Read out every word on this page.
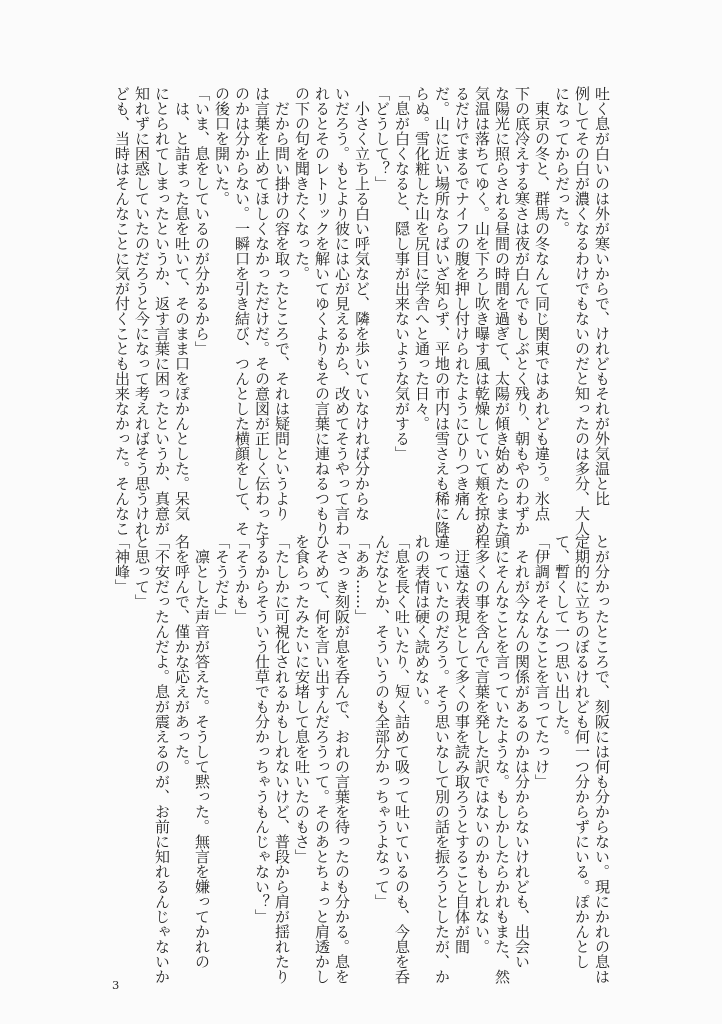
吐く息が白いのは外が寒いからで、けれどもそれが外気温と比

例してその白が濃くなるわけでもないのだと知ったのは多分、大人

になってからだった。

　東京の冬と、群馬の冬なんて同じ関東ではあれども違う。氷点

下の底冷えする寒さは夜が白んでもしぶとく残り、朝もやのわずか

な陽光に照らされる昼間の時間を過ぎて、太陽が傾き始めたらまた

気温は落ちてゆく。山を下ろし吹き曝す風は乾燥していて頬を掠め

るだけでまるでナイフの腹を押し付けられたようにひりつき痛ん

だ。山に近い場所ならばいざ知らず、平地の市内は雪さえも稀に降

らぬ。雪化粧した山を尻目に学舎へと通った日々。

「息が白くなると、隠し事が出来ないような気がする」

「どうして？」

　小さく立ち上る白い呼気など、隣を歩いていなければ分からな

いだろう。もとより彼には心が見えるから、改めてそうやって言わ

れるとそのレトリックを解いてゆくよりもその言葉に連ねるつもり

の下の句を聞きたくなった。

　だから問い掛けの容を取ったところで、それは疑問というより

は言葉を止めてほしくなかっただけだ。その意図が正しく伝わった

のかは分からない。一瞬口を引き結び、つんとした横顔をして、そ

の後口を開いた。

「いま、息をしているのが分かるから」

　は、と詰まった息を吐いて、そのまま口をぽかんとした。呆気

にとられてしまったというか、返す言葉に困ったというか、真意が

知れずに困惑していたのだろうと今になって考えればそう思うけれ

ども、当時はそんなことに気が付くことも出来なかった。そんなこ

とが分かったところで、刻阪には何も分からない。現にかれの息は

定期的に立ちのぼるけれども何一つ分からずにいる。ぽかんとし

て、暫くして一つ思い出した。

「伊調がそんなことを言ってたっけ」

　それが今なんの関係があるのかは分からないけれども、出会い

頭にそんなことを言っていたような。もしかしたらかれもまた、然

程多くの事を含んで言葉を発した訳ではないのかもしれない。

　迂遠な表現として多くの事を読み取ろうとすること自体が間

違っていたのだろう。そう思いなして別の話を振ろうとしたが、か

れの表情は硬く読めない。

「息を長く吐いたり、短く詰めて吸って吐いているのも、今息を呑

んだなとか、そういうのも全部分かっちゃうよなって」

「ああ……」

「さっき刻阪が息を呑んで、おれの言葉を待ったのも分かる。息を

ひそめて、何を言い出すんだろうって。そのあとちょっと肩透かし

を食らったみたいに安堵して息を吐いたのもさ」

「たしかに可視化されるかもしれないけど、普段から肩が揺れたり

するからそういう仕草でも分かっちゃうもんじゃない？」

「そうかも」

「そうだよ」

　凛とした声音が答えた。そうして黙った。無言を嫌ってかれの

名を呼んで、僅かな応えがあった。

「不安だったんだよ。息が震えるのが、お前に知れるんじゃないか

と思って」

「神峰」

3
